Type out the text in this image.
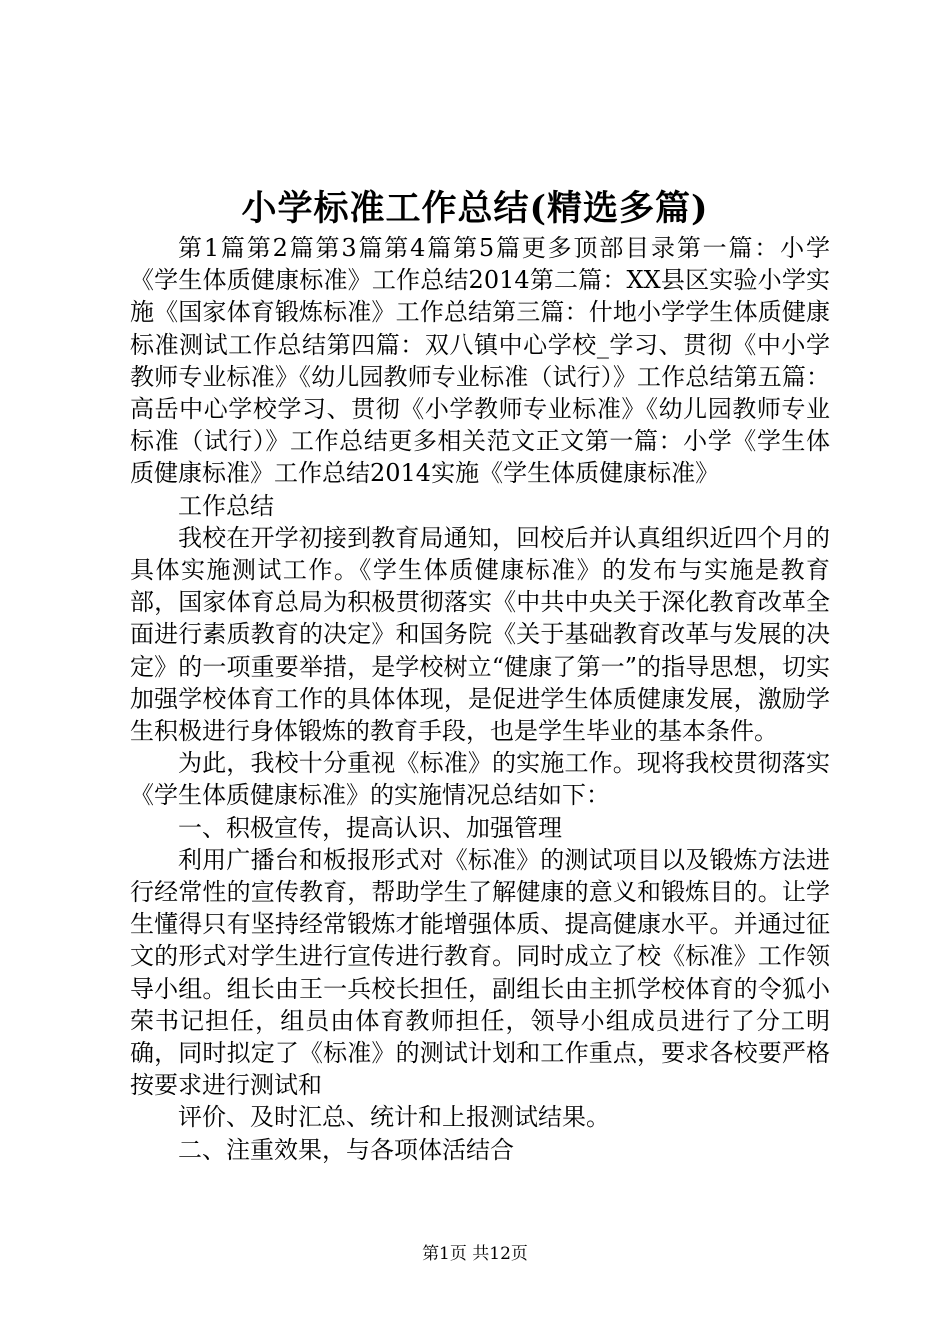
小学标准工作总结(精选多篇)

第1篇第2篇第3篇第4篇第5篇更多顶部目录第一篇：小学《学生体质健康标准》工作总结2014第二篇：XX县区实验小学实施《国家体育锻炼标准》工作总结第三篇：什地小学学生体质健康标准测试工作总结第四篇：双八镇中心学校_学习、贯彻《中小学教师专业标准》《幼儿园教师专业标准（试行）》工作总结第五篇：高岳中心学校学习、贯彻《小学教师专业标准》《幼儿园教师专业标准（试行）》工作总结更多相关范文正文第一篇：小学《学生体质健康标准》工作总结2014实施《学生体质健康标准》

工作总结

我校在开学初接到教育局通知，回校后并认真组织近四个月的具体实施测试工作。《学生体质健康标准》的发布与实施是教育部，国家体育总局为积极贯彻落实《中共中央关于深化教育改革全面进行素质教育的决定》和国务院《关于基础教育改革与发展的决定》的一项重要举措，是学校树立“健康了第一”的指导思想，切实加强学校体育工作的具体体现，是促进学生体质健康发展，激励学生积极进行身体锻炼的教育手段，也是学生毕业的基本条件。

为此，我校十分重视《标准》的实施工作。现将我校贯彻落实《学生体质健康标准》的实施情况总结如下：

一、积极宣传，提高认识、加强管理

利用广播台和板报形式对《标准》的测试项目以及锻炼方法进行经常性的宣传教育，帮助学生了解健康的意义和锻炼目的。让学生懂得只有坚持经常锻炼才能增强体质、提高健康水平。并通过征文的形式对学生进行宣传进行教育。同时成立了校《标准》工作领导小组。组长由王一兵校长担任，副组长由主抓学校体育的令狐小荣书记担任，组员由体育教师担任，领导小组成员进行了分工明确，同时拟定了《标准》的测试计划和工作重点，要求各校要严格按要求进行测试和

评价、及时汇总、统计和上报测试结果。

二、注重效果，与各项体活结合

第1页 共12页
